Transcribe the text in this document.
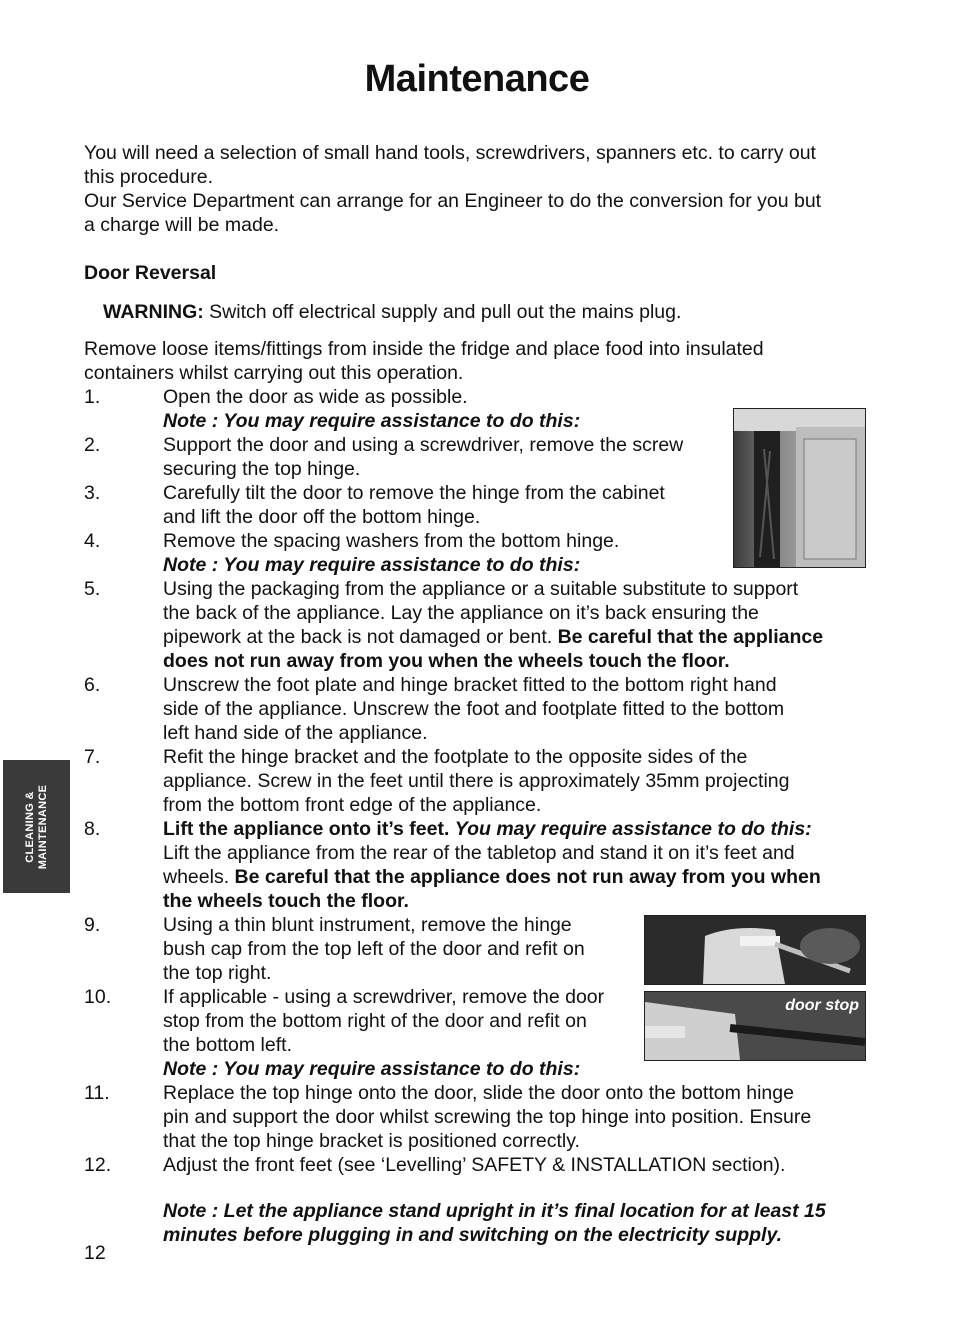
Maintenance
You will need a selection of small hand tools, screwdrivers, spanners etc. to carry out
this procedure.
Our Service Department can arrange for an Engineer to do the conversion for you but
a charge will be made.
Door Reversal
WARNING: Switch off electrical supply and pull out the mains plug.
Remove loose items/fittings from inside the fridge and place food into insulated
containers whilst carrying out this operation.
1.	Open the door as wide as possible.
Note : You may require assistance to do this:
2.	Support the door and using a screwdriver, remove the screw
securing the top hinge.
3.	Carefully tilt the door to remove the hinge from the cabinet
and lift the door off the bottom hinge.
4.	Remove the spacing washers from the bottom hinge.
Note : You may require assistance to do this:
5.	Using the packaging from the appliance or a suitable substitute to support
the back of the appliance. Lay the appliance on it’s back ensuring the
pipework at the back is not damaged or bent. Be careful that the appliance
does not run away from you when the wheels touch the floor.
6.	Unscrew the foot plate and hinge bracket fitted to the bottom right hand
side of the appliance. Unscrew the foot and footplate fitted to the bottom
left hand side of the appliance.
7.	Refit the hinge bracket and the footplate to the opposite sides of the
appliance. Screw in the feet until there is approximately 35mm projecting
from the bottom front edge of the appliance.
8.	Lift the appliance onto it’s feet. You may require assistance to do this:
Lift the appliance from the rear of the tabletop and stand it on it’s feet and
wheels. Be careful that the appliance does not run away from you when
the wheels touch the floor.
9.	Using a thin blunt instrument, remove the hinge
bush cap from the top left of the door and refit on
the top right.
10.	If applicable - using a screwdriver, remove the door
stop from the bottom right of the door and refit on
the bottom left.
Note : You may require assistance to do this:
door stop
11.	Replace the top hinge onto the door, slide the door onto the bottom hinge
pin and support the door whilst screwing the top hinge into position. Ensure
that the top hinge bracket is positioned correctly.
12.	Adjust the front feet (see ‘Levelling’ SAFETY & INSTALLATION section).
Note : Let the appliance stand upright in it’s final location for at least 15
minutes before plugging in and switching on the electricity supply.
12
CLEANING & MAINTENANCE
